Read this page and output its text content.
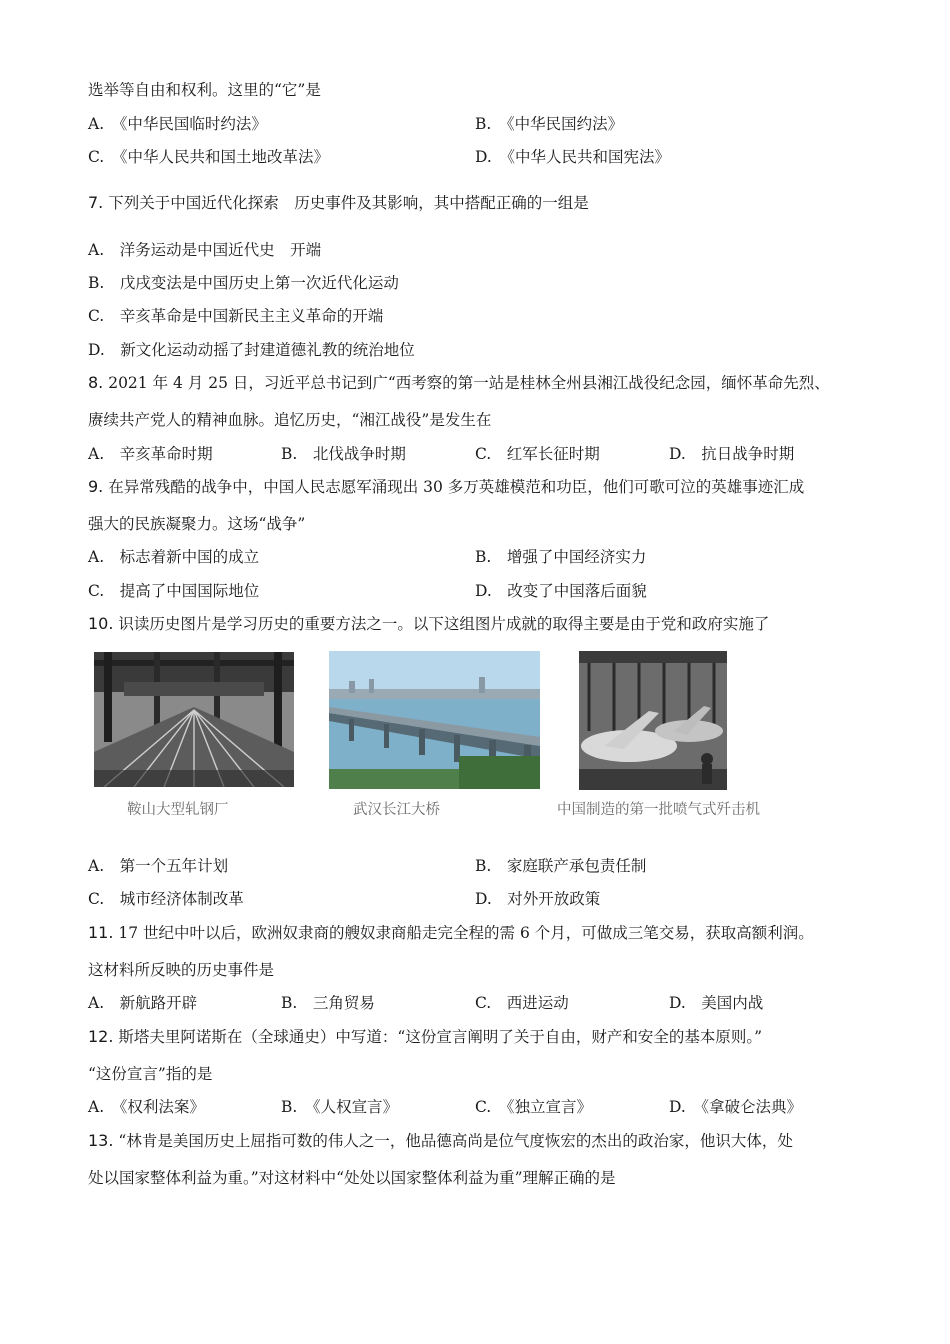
选举等自由和权利。这里的“它”是
A.　《中华民国临时约法》	B.　《中华民国约法》
C.　《中华人民共和国土地改革法》	D.　《中华人民共和国宪法》
7. 下列关于中国近代化探索　历史事件及其影响，其中搭配正确的一组是
A.　洋务运动是中国近代史　开端
B.　戊戌变法是中国历史上第一次近代化运动
C.　辛亥革命是中国新民主主义革命的开端
D.　新文化运动动摇了封建道德礼教的统治地位
8. 2021 年 4 月 25 日，习近平总书记到广“西考察的第一站是桂林全州县湘江战役纪念园，缅怀革命先烈、
赓续共产党人的精神血脉。追忆历史，“湘江战役”是发生在
A.　辛亥革命时期	B.　北伐战争时期	C.　红军长征时期	D.　抗日战争时期
9. 在异常残酷的战争中，中国人民志愿军涌现出 30 多万英雄模范和功臣，他们可歌可泣的英雄事迹汇成
强大的民族凝聚力。这场“战争”
A.　标志着新中国的成立	B.　增强了中国经济实力
C.　提高了中国国际地位	D.　改变了中国落后面貌
10. 识读历史图片是学习历史的重要方法之一。以下这组图片成就的取得主要是由于党和政府实施了
鞍山大型轧钢厂	武汉长江大桥	中国制造的第一批喷气式歼击机
A.　第一个五年计划	B.　家庭联产承包责任制
C.　城市经济体制改革	D.　对外开放政策
11. 17 世纪中叶以后，欧洲奴隶商的艘奴隶商船走完全程的需 6 个月，可做成三笔交易，获取高额利润。
这材料所反映的历史事件是
A.　新航路开辟	B.　三角贸易	C.　西进运动	D.　美国内战
12. 斯塔夫里阿诺斯在（全球通史）中写道：“这份宣言阐明了关于自由，财产和安全的基本原则。”
“这份宣言”指的是
A.　《权利法案》	B.　《人权宣言》	C.　《独立宣言》	D.　《拿破仑法典》
13. “林肯是美国历史上屈指可数的伟人之一，他品德高尚是位气度恢宏的杰出的政治家，他识大体，处
处以国家整体利益为重。”对这材料中“处处以国家整体利益为重”理解正确的是
